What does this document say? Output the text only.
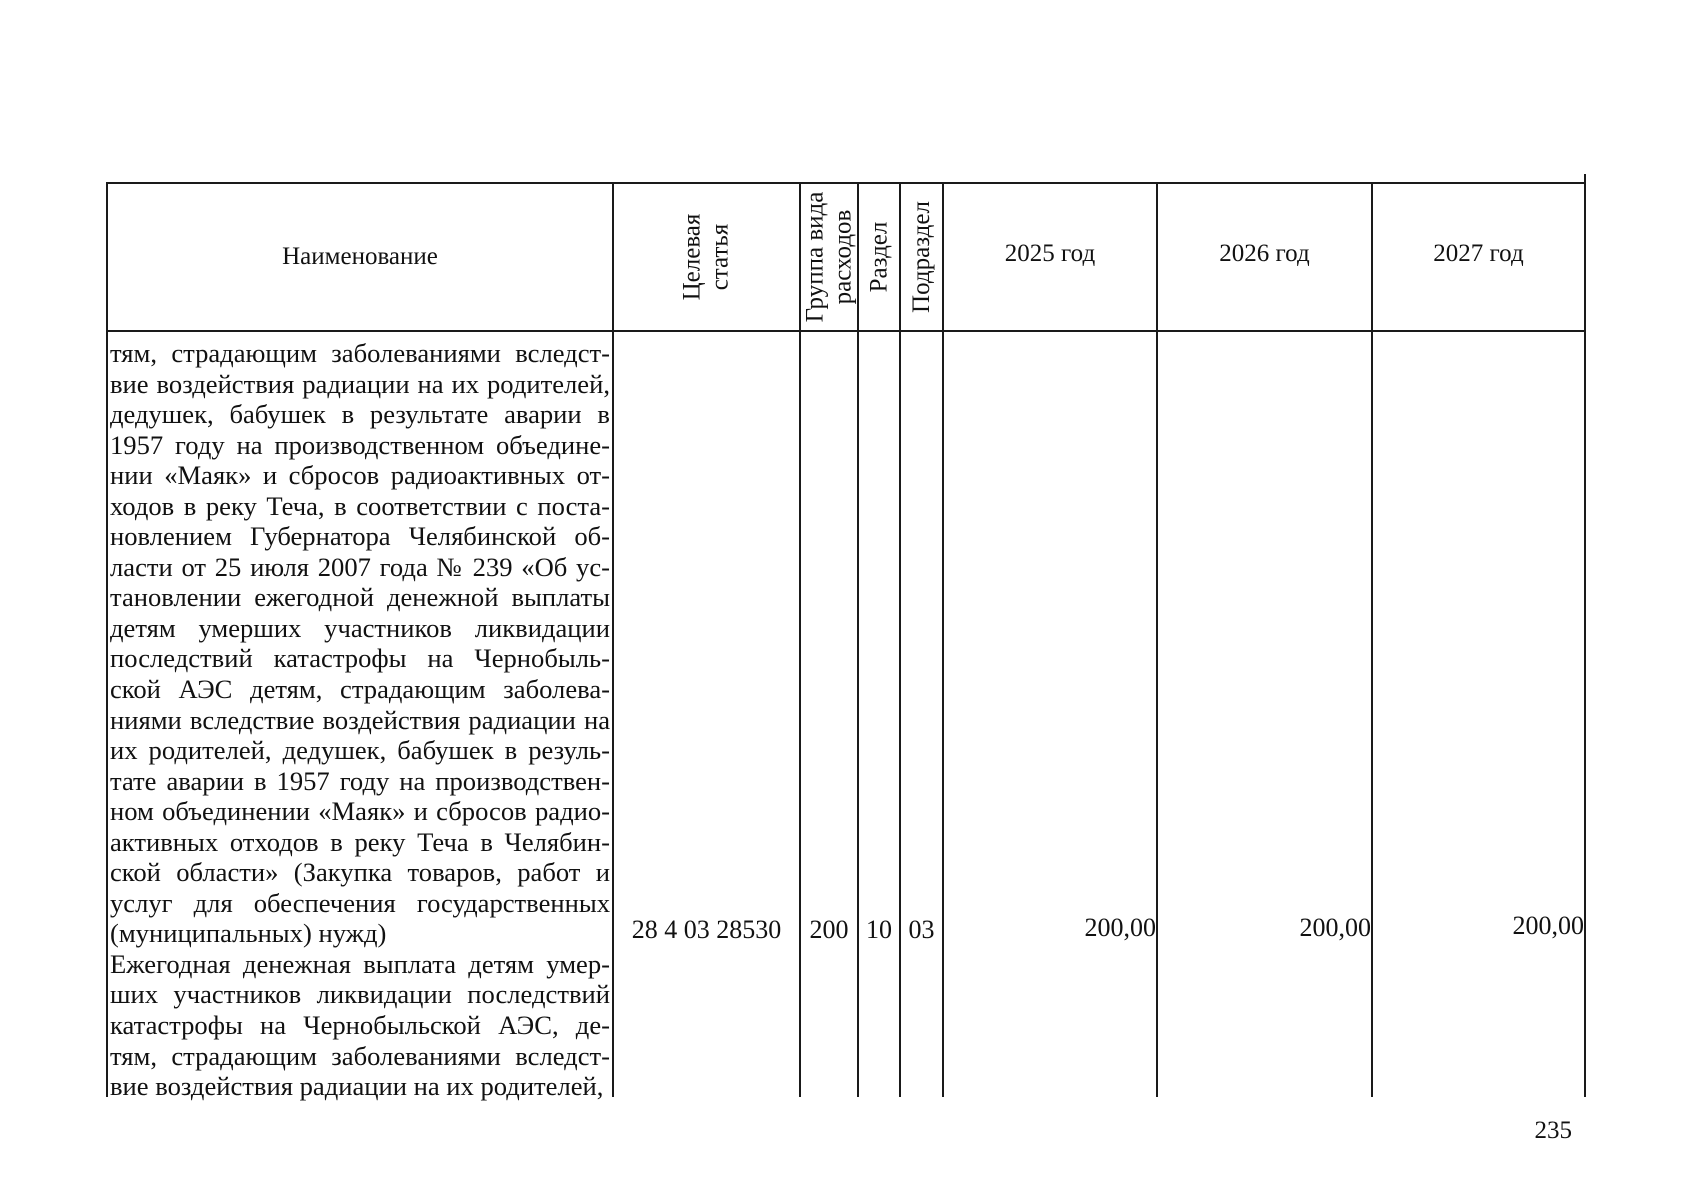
Наименование	Целевая статья	Группа вида расходов Раздел Подраздел	2025 год	2026 год	2027 год
тям, страдающим заболеваниями вследст-
вие воздействия радиации на их родителей,
дедушек, бабушек в результате аварии в
1957 году на производственном объедине-
нии «Маяк» и сбросов радиоактивных от-
ходов в реку Теча, в соответствии с поста-
новлением Губернатора Челябинской об-
ласти от 25 июля 2007 года № 239 «Об ус-
тановлении ежегодной денежной выплаты
детям умерших участников ликвидации
последствий катастрофы на Чернобыль-
ской АЭС детям, страдающим заболева-
ниями вследствие воздействия радиации на
их родителей, дедушек, бабушек в резуль-
тате аварии в 1957 году на производствен-
ном объединении «Маяк» и сбросов радио-
активных отходов в реку Теча в Челябин-
ской области» (Закупка товаров, работ и
услуг для обеспечения государственных
(муниципальных) нужд)
Ежегодная денежная выплата детям умер-
ших участников ликвидации последствий
катастрофы на Чернобыльской АЭС, де-
тям, страдающим заболеваниями вследст-
вие воздействия радиации на их родителей,
28 4 03 28530	200 10 03	200,00	200,00	200,00
235
